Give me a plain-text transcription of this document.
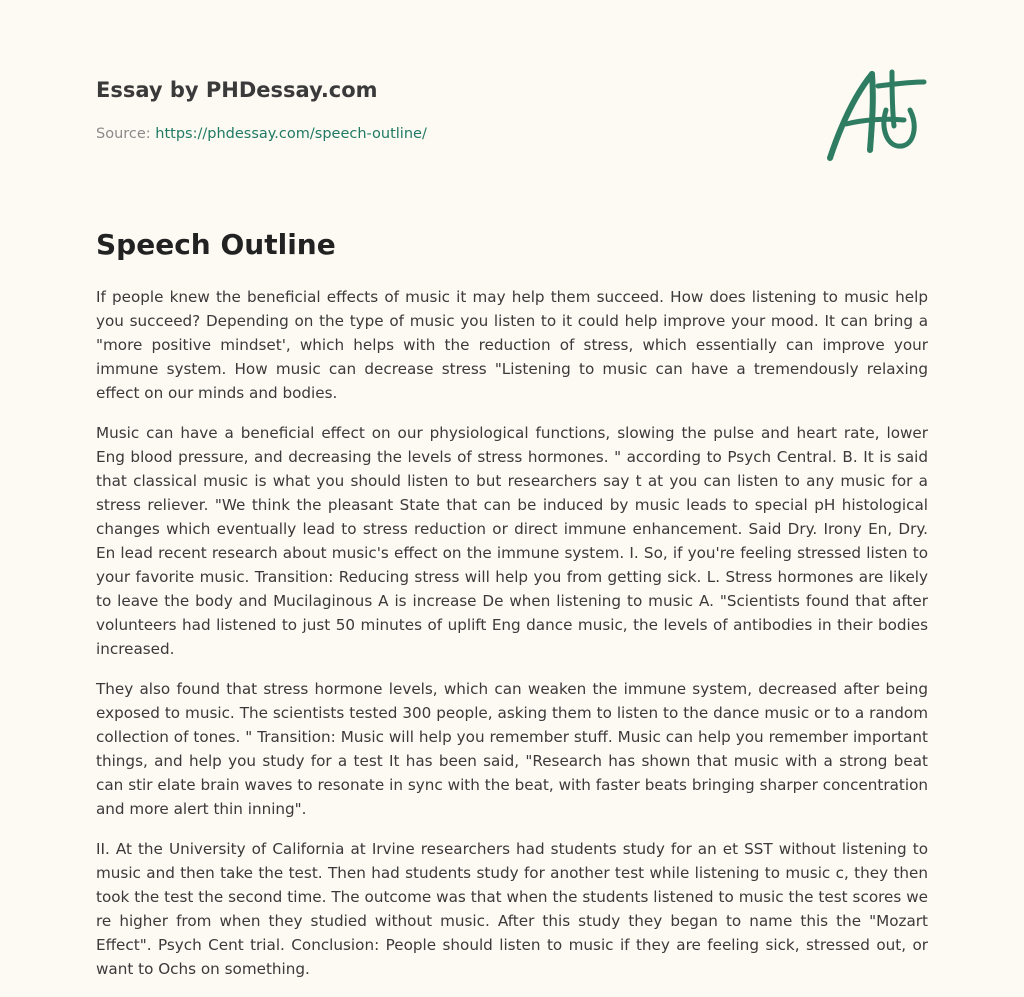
Essay by PHDessay.com
Source: https://phdessay.com/speech-outline/
Speech Outline

If people knew the beneficial effects of music it may help them succeed. How does listening to music help you succeed? Depending on the type of music you listen to it could help improve your mood. It can bring a "more positive mindset', which helps with the reduction of stress, which essentially can improve your immune system. How music can decrease stress "Listening to music can have a tremendously relaxing effect on our minds and bodies.

Music can have a beneficial effect on our physiological functions, slowing the pulse and heart rate, lower Eng blood pressure, and decreasing the levels of stress hormones. " according to Psych Central. B. It is said that classical music is what you should listen to but researchers say t at you can listen to any music for a stress reliever. "We think the pleasant State that can be induced by music leads to special pH histological changes which eventually lead to stress reduction or direct immune enhancement. Said Dry. Irony En, Dry. En lead recent research about music's effect on the immune system. I. So, if you're feeling stressed listen to your favorite music. Transition: Reducing stress will help you from getting sick. L. Stress hormones are likely to leave the body and Mucilaginous A is increase De when listening to music A. "Scientists found that after volunteers had listened to just 50 minutes of uplift Eng dance music, the levels of antibodies in their bodies increased.

They also found that stress hormone levels, which can weaken the immune system, decreased after being exposed to music. The scientists tested 300 people, asking them to listen to the dance music or to a random collection of tones. " Transition: Music will help you remember stuff. Music can help you remember important things, and help you study for a test It has been said, "Research has shown that music with a strong beat can stir elate brain waves to resonate in sync with the beat, with faster beats bringing sharper concentration and more alert thin inning".

II. At the University of California at Irvine researchers had students study for an et SST without listening to music and then take the test. Then had students study for another test while listening to music c, they then took the test the second time. The outcome was that when the students listened to music the test scores we re higher from when they studied without music. After this study they began to name this the "Mozart Effect". Psych Cent trial. Conclusion: People should listen to music if they are feeling sick, stressed out, or want to Ochs on something.
